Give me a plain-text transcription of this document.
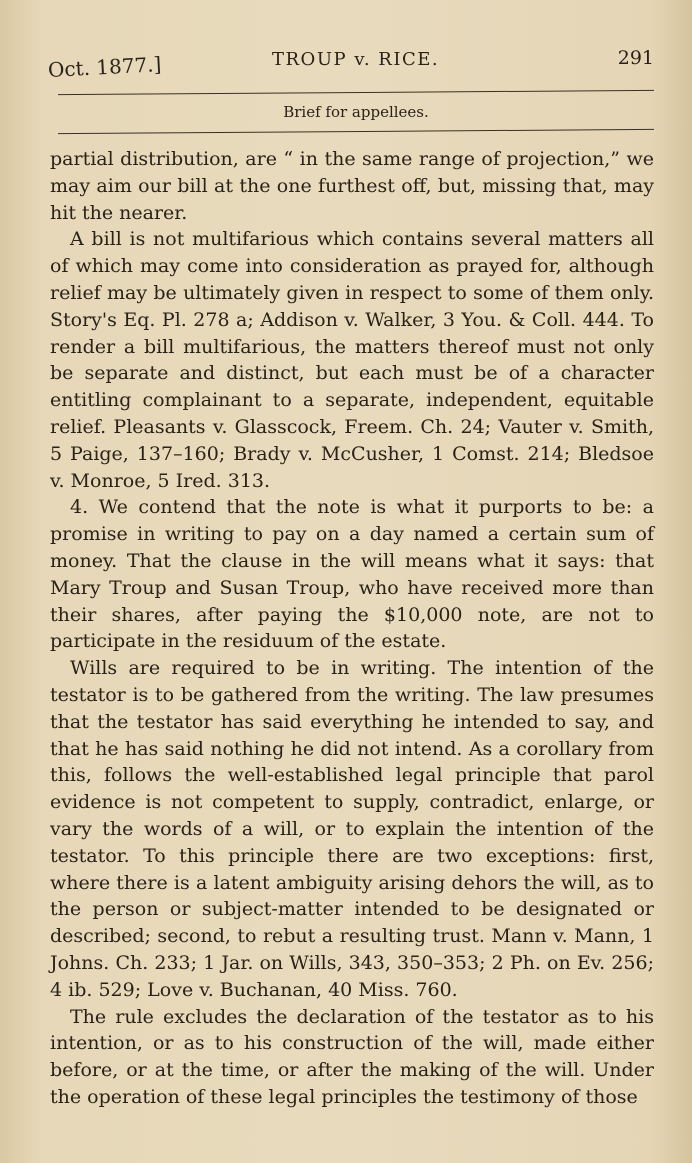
Oct. 1877.]	TROUP v. RICE.	291
Brief for appellees.

partial distribution, are “ in the same range of projection,” we may aim our bill at the one furthest off, but, missing that, may hit the nearer.

A bill is not multifarious which contains several matters all of which may come into consideration as prayed for, although relief may be ultimately given in respect to some of them only. Story's Eq. Pl. 278 a; Addison v. Walker, 3 You. & Coll. 444. To render a bill multifarious, the matters thereof must not only be separate and distinct, but each must be of a character entitling complainant to a separate, independent, equitable relief. Pleasants v. Glasscock, Freem. Ch. 24; Vauter v. Smith, 5 Paige, 137–160; Brady v. McCusher, 1 Comst. 214; Bledsoe v. Monroe, 5 Ired. 313.

4. We contend that the note is what it purports to be: a promise in writing to pay on a day named a certain sum of money. That the clause in the will means what it says: that Mary Troup and Susan Troup, who have received more than their shares, after paying the $10,000 note, are not to participate in the residuum of the estate.

Wills are required to be in writing. The intention of the testator is to be gathered from the writing. The law presumes that the testator has said everything he intended to say, and that he has said nothing he did not intend. As a corollary from this, follows the well-established legal principle that parol evidence is not competent to supply, contradict, enlarge, or vary the words of a will, or to explain the intention of the testator. To this principle there are two exceptions: first, where there is a latent ambiguity arising dehors the will, as to the person or subject-matter intended to be designated or described; second, to rebut a resulting trust. Mann v. Mann, 1 Johns. Ch. 233; 1 Jar. on Wills, 343, 350–353; 2 Ph. on Ev. 256; 4 ib. 529; Love v. Buchanan, 40 Miss. 760.

The rule excludes the declaration of the testator as to his intention, or as to his construction of the will, made either before, or at the time, or after the making of the will. Under the operation of these legal principles the testimony of those
